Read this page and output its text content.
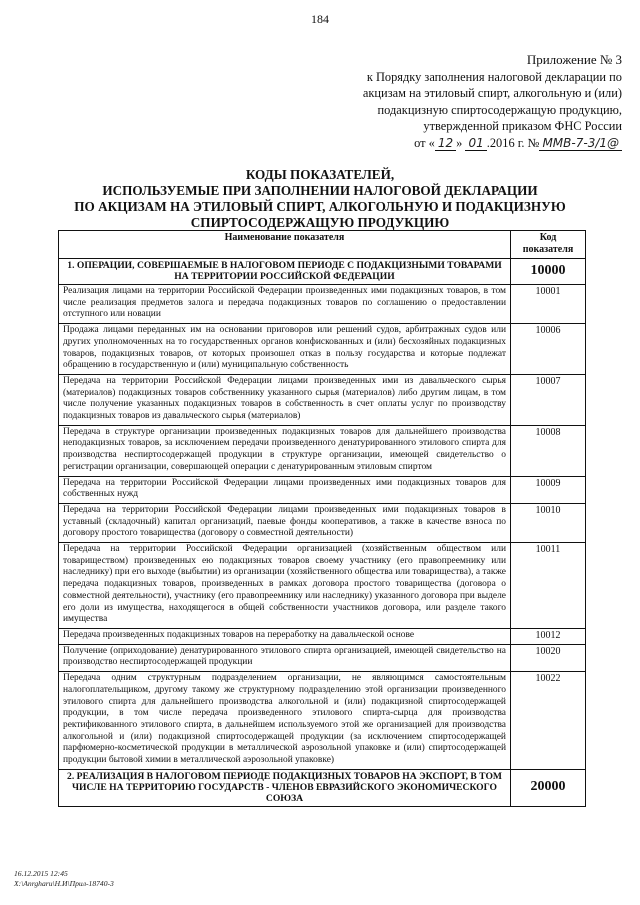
184
Приложение № 3
к Порядку заполнения налоговой декларации по
акцизам на этиловый спирт, алкогольную и (или)
подакцизную спиртосодержащую продукцию,
утвержденной приказом ФНС России
от « 12 » 01 .2016 г. № ММВ-7-3/1@
КОДЫ ПОКАЗАТЕЛЕЙ,
ИСПОЛЬЗУЕМЫЕ ПРИ ЗАПОЛНЕНИИ НАЛОГОВОЙ ДЕКЛАРАЦИИ
ПО АКЦИЗАМ НА ЭТИЛОВЫЙ СПИРТ, АЛКОГОЛЬНУЮ И ПОДАКЦИЗНУЮ
СПИРТОСОДЕРЖАЩУЮ ПРОДУКЦИЮ
Наименование показателя	Код показателя
1. ОПЕРАЦИИ, СОВЕРШАЕМЫЕ В НАЛОГОВОМ ПЕРИОДЕ С ПОДАКЦИЗНЫМИ ТОВАРАМИ НА ТЕРРИТОРИИ РОССИЙСКОЙ ФЕДЕРАЦИИ	10000
Реализация лицами на территории Российской Федерации произведенных ими подакцизных товаров, в том числе реализация предметов залога и передача подакцизных товаров по соглашению о предоставлении отступного или новации	10001
Продажа лицами переданных им на основании приговоров или решений судов, арбитражных судов или других уполномоченных на то государственных органов конфискованных и (или) бесхозяйных подакцизных товаров, подакцизных товаров, от которых произошел отказ в пользу государства и которые подлежат обращению в государственную и (или) муниципальную собственность	10006
Передача на территории Российской Федерации лицами произведенных ими из давальческого сырья (материалов) подакцизных товаров собственнику указанного сырья (материалов) либо другим лицам, в том числе получение указанных подакцизных товаров в собственность в счет оплаты услуг по производству подакцизных товаров из давальческого сырья (материалов)	10007
Передача в структуре организации произведенных подакцизных товаров для дальнейшего производства неподакцизных товаров, за исключением передачи произведенного денатурированного этилового спирта для производства неспиртосодержащей продукции в структуре организации, имеющей свидетельство о регистрации организации, совершающей операции с денатурированным этиловым спиртом	10008
Передача на территории Российской Федерации лицами произведенных ими подакцизных товаров для собственных нужд	10009
Передача на территории Российской Федерации лицами произведенных ими подакцизных товаров в уставный (складочный) капитал организаций, паевые фонды кооперативов, а также в качестве взноса по договору простого товарищества (договору о совместной деятельности)	10010
Передача на территории Российской Федерации организацией (хозяйственным обществом или товариществом) произведенных ею подакцизных товаров своему участнику (его правопреемнику или наследнику) при его выходе (выбытии) из организации (хозяйственного общества или товарищества), а также передача подакцизных товаров, произведенных в рамках договора простого товарищества (договора о совместной деятельности), участнику (его правопреемнику или наследнику) указанного договора при выделе его доли из имущества, находящегося в общей собственности участников договора, или разделе такого имущества	10011
Передача произведенных подакцизных товаров на переработку на давальческой основе	10012
Получение (оприходование) денатурированного этилового спирта организацией, имеющей свидетельство на производство неспиртосодержащей продукции	10020
Передача одним структурным подразделением организации, не являющимся самостоятельным налогоплательщиком, другому такому же структурному подразделению этой организации произведенного этилового спирта для дальнейшего производства алкогольной и (или) подакцизной спиртосодержащей продукции, в том числе передача произведенного этилового спирта-сырца для производства ректификованного этилового спирта, в дальнейшем используемого этой же организацией для производства алкогольной и (или) подакцизной спиртосодержащей продукции (за исключением спиртосодержащей парфюмерно-косметической продукции в металлической аэрозольной упаковке и (или) спиртосодержащей продукции бытовой химии в металлической аэрозольной упаковке)	10022
2. РЕАЛИЗАЦИЯ В НАЛОГОВОМ ПЕРИОДЕ ПОДАКЦИЗНЫХ ТОВАРОВ НА ЭКСПОРТ, В ТОМ ЧИСЛЕ НА ТЕРРИТОРИЮ ГОСУДАРСТВ - ЧЛЕНОВ ЕВРАЗИЙСКОГО ЭКОНОМИЧЕСКОГО СОЮЗА	20000
16.12.2015 12:45
X:\Anrgharu\Н.И\Прил-18740-3
